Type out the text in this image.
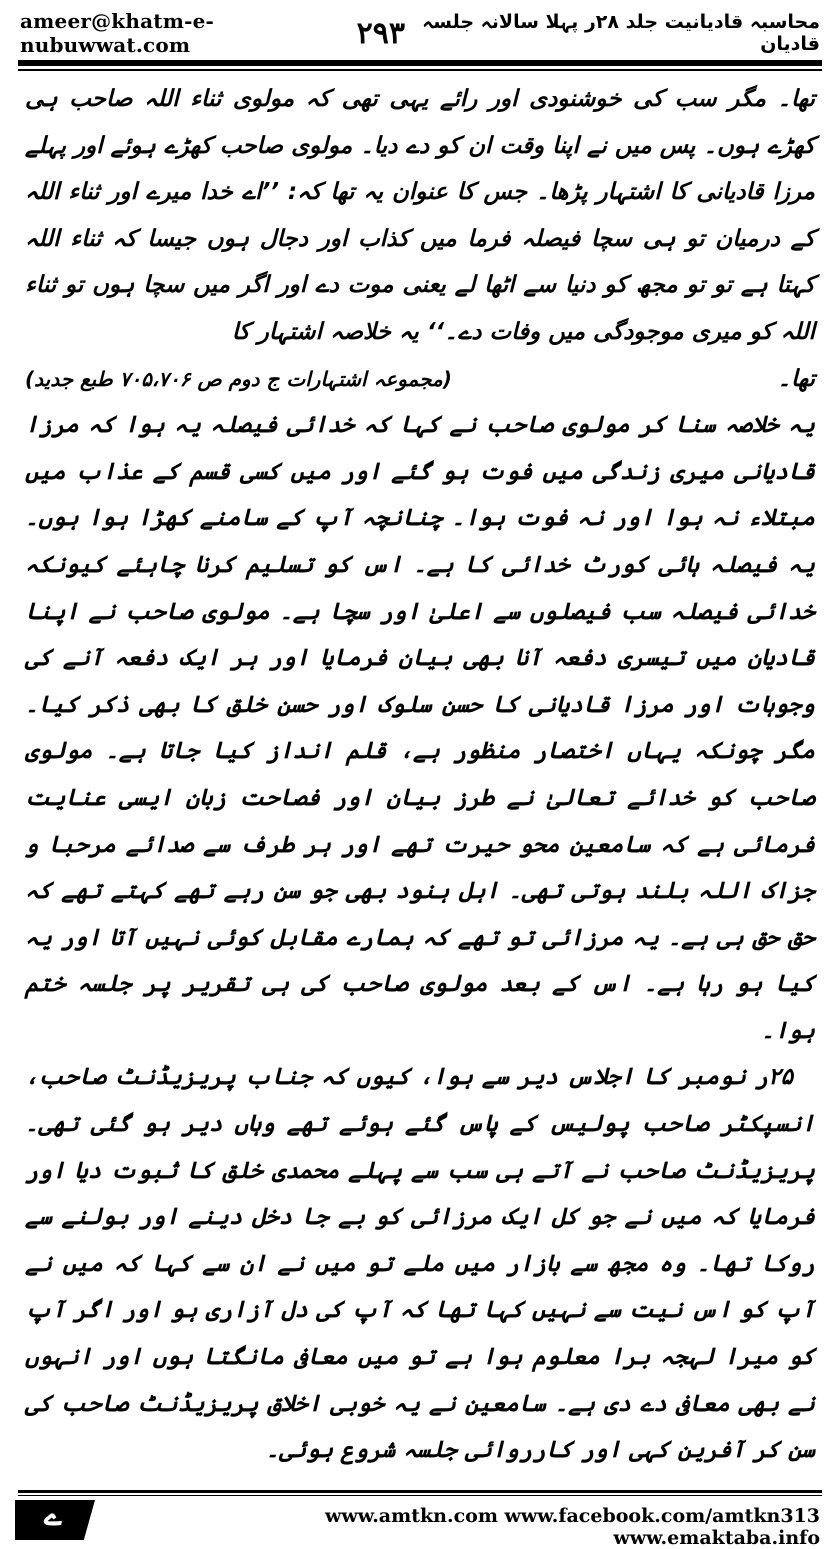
ameer@khatm-e-nubuwwat.com	۲۹۳ محاسبہ قادیانیت جلد ۲۸ر پہلا سالانہ جلسہ قادیان

تھا۔ مگر سب کی خوشنودی اور رائے یہی تھی کہ مولوی ثناء اللہ صاحب ہی کھڑے ہوں۔ پس میں نے اپنا وقت ان کو دے دیا۔ مولوی صاحب کھڑے ہوئے اور پہلے مرزا قادیانی کا اشتہار پڑھا۔ جس کا عنوان یہ تھا کہ: ’’اے خدا میرے اور ثناء اللہ کے درمیان تو ہی سچا فیصلہ فرما میں کذاب اور دجال ہوں جیسا کہ ثناء اللہ کہتا ہے تو تو مجھ کو دنیا سے اٹھا لے یعنی موت دے اور اگر میں سچا ہوں تو ثناء اللہ کو میری موجودگی میں وفات دے۔‘‘ یہ خلاصہ اشتہار کا

تھا۔
(مجموعہ اشتہارات ج دوم ص ۷۰۵،۷۰۶ طبع جدید)

یہ خلاصہ سنا کر مولوی صاحب نے کہا کہ خدائی فیصلہ یہ ہوا کہ مرزا قادیانی میری زندگی میں فوت ہو گئے اور میں کسی قسم کے عذاب میں مبتلاء نہ ہوا اور نہ فوت ہوا۔ چنانچہ آپ کے سامنے کھڑا ہوا ہوں۔ یہ فیصلہ ہائی کورٹ خدائی کا ہے۔ اس کو تسلیم کرنا چاہئے کیونکہ خدائی فیصلہ سب فیصلوں سے اعلیٰ اور سچا ہے۔ مولوی صاحب نے اپنا قادیان میں تیسری دفعہ آنا بھی بیان فرمایا اور ہر ایک دفعہ آنے کی وجوہات اور مرزا قادیانی کا حسن سلوک اور حسن خلق کا بھی ذکر کیا۔ مگر چونکہ یہاں اختصار منظور ہے، قلم انداز کیا جاتا ہے۔ مولوی صاحب کو خدائے تعالیٰ نے طرز بیان اور فصاحت زبان ایسی عنایت فرمائی ہے کہ سامعین محو حیرت تھے اور ہر طرف سے صدائے مرحبا و جزاک اللہ بلند ہوتی تھی۔ اہل ہنود بھی جو سن رہے تھے کہتے تھے کہ حق حق ہی ہے۔ یہ مرزائی تو تھے کہ ہمارے مقابل کوئی نہیں آتا اور یہ کیا ہو رہا ہے۔ اس کے بعد مولوی صاحب کی ہی تقریر پر جلسہ ختم ہوا۔

۲۵ر نومبر کا اجلاس دیر سے ہوا، کیوں کہ جناب پریزیڈنٹ صاحب، انسپکٹر صاحب پولیس کے پاس گئے ہوئے تھے وہاں دیر ہو گئی تھی۔ پریزیڈنٹ صاحب نے آتے ہی سب سے پہلے محمدی خلق کا ثبوت دیا اور فرمایا کہ میں نے جو کل ایک مرزائی کو بے جا دخل دینے اور بولنے سے روکا تھا۔ وہ مجھ سے بازار میں ملے تو میں نے ان سے کہا کہ میں نے آپ کو اس نیت سے نہیں کہا تھا کہ آپ کی دل آزاری ہو اور اگر آپ کو میرا لہجہ برا معلوم ہوا ہے تو میں معافی مانگتا ہوں اور انہوں نے بھی معافی دے دی ہے۔ سامعین نے یہ خوبی اخلاق پریزیڈنٹ صاحب کی سن کر آفرین کہی اور کارروائی جلسہ شروع ہوئی۔

ے	www.amtkn.com www.facebook.com/amtkn313 www.emaktaba.info
